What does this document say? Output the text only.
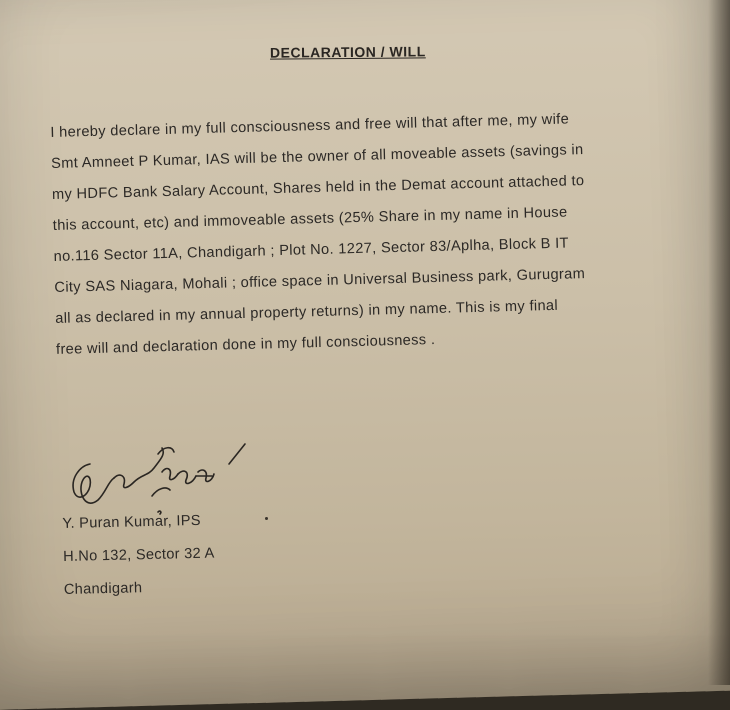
DECLARATION / WILL
I hereby declare in my full consciousness and free will that after me, my wife
Smt Amneet P Kumar, IAS will be the owner of all moveable assets (savings in
my HDFC Bank Salary Account, Shares held in the Demat account attached to
this account, etc) and immoveable assets (25% Share in my name in House
no.116 Sector 11A, Chandigarh ; Plot No. 1227, Sector 83/Aplha, Block B IT
City SAS Niagara, Mohali ; office space in Universal Business park, Gurugram
all as declared in my annual property returns) in my name. This is my final
free will and declaration done in my full consciousness .
Y. Puran Kumar, IPS
H.No 132, Sector 32 A
Chandigarh
